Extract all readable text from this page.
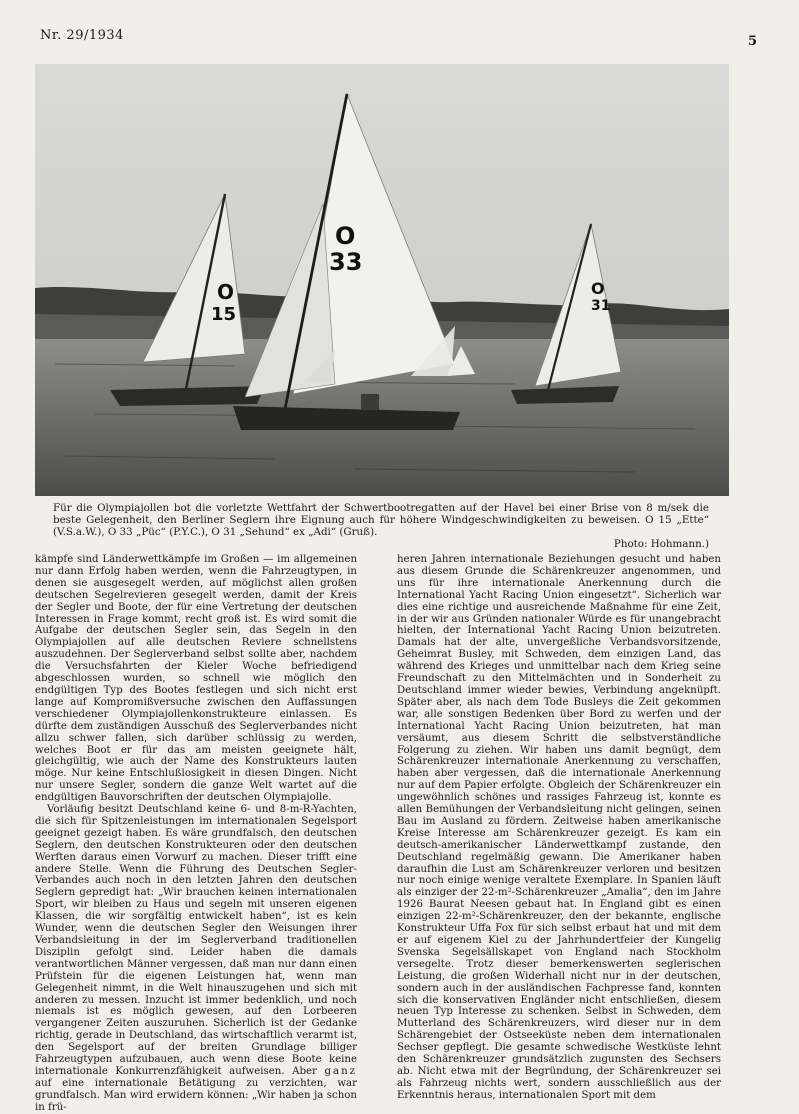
Nr. 29/1934	5
O
15
O
33
O
31
Für die Olympiajollen bot die vorletzte Wettfahrt der Schwertbootregatten auf der Havel bei einer Brise von 8 m/sek die beste Gelegenheit, den Berliner Seglern ihre Eignung auch für höhere Windgeschwindigkeiten zu beweisen. O 15 „Ette“ (V.S.a.W.), O 33 „Püc“ (P.Y.C.), O 31 „Sehund“ ex „Adi“ (Gruß).
Photo: Hohmann.)

kämpfe sind Länderwettkämpfe im Großen — im allgemeinen nur dann Erfolg haben werden, wenn die Fahrzeugtypen, in denen sie ausgesegelt werden, auf möglichst allen großen deutschen Segelrevieren gesegelt werden, damit der Kreis der Segler und Boote, der für eine Vertretung der deutschen Interessen in Frage kommt, recht groß ist. Es wird somit die Aufgabe der deutschen Segler sein, das Segeln in den Olympiajollen auf alle deutschen Reviere schnellstens auszudehnen. Der Seglerverband selbst sollte aber, nachdem die Versuchsfahrten der Kieler Woche befriedigend abgeschlossen wurden, so schnell wie möglich den endgültigen Typ des Bootes festlegen und sich nicht erst lange auf Kompromißversuche zwischen den Auffassungen verschiedener Olympiajollenkonstrukteure einlassen. Es dürfte dem zuständigen Ausschuß des Seglerverbandes nicht allzu schwer fallen, sich darüber schlüssig zu werden, welches Boot er für das am meisten geeignete hält, gleichgültig, wie auch der Name des Konstrukteurs lauten möge. Nur keine Entschlußlosigkeit in diesen Dingen. Nicht nur unsere Segler, sondern die ganze Welt wartet auf die endgültigen Bauvorschriften der deutschen Olympiajolle.

Vorläufig besitzt Deutschland keine 6- und 8-m-R-Yachten, die sich für Spitzenleistungen im internationalen Segelsport geeignet gezeigt haben. Es wäre grundfalsch, den deutschen Seglern, den deutschen Konstrukteuren oder den deutschen Werften daraus einen Vorwurf zu machen. Dieser trifft eine andere Stelle. Wenn die Führung des Deutschen Segler-Verbandes auch noch in den letzten Jahren den deutschen Seglern gepredigt hat: „Wir brauchen keinen internationalen Sport, wir bleiben zu Haus und segeln mit unseren eigenen Klassen, die wir sorgfältig entwickelt haben“, ist es kein Wunder, wenn die deutschen Segler den Weisungen ihrer Verbandsleitung in der im Seglerverband traditionellen Disziplin gefolgt sind. Leider haben die damals verantwortlichen Männer vergessen, daß man nur dann einen Prüfstein für die eigenen Leistungen hat, wenn man Gelegenheit nimmt, in die Welt hinauszugehen und sich mit anderen zu messen. Inzucht ist immer bedenklich, und noch niemals ist es möglich gewesen, auf den Lorbeeren vergangener Zeiten auszuruhen. Sicherlich ist der Gedanke richtig, gerade in Deutschland, das wirtschaftlich verarmt ist, den Segelsport auf der breiten Grundlage billiger Fahrzeugtypen aufzubauen, auch wenn diese Boote keine internationale Konkurrenzfähigkeit aufweisen. Aber ganz auf eine internationale Betätigung zu verzichten, war grundfalsch. Man wird erwidern können: „Wir haben ja schon in frü-

heren Jahren internationale Beziehungen gesucht und haben aus diesem Grunde die Schärenkreuzer angenommen, und uns für ihre internationale Anerkennung durch die International Yacht Racing Union eingesetzt“. Sicherlich war dies eine richtige und ausreichende Maßnahme für eine Zeit, in der wir aus Gründen nationaler Würde es für unangebracht hielten, der International Yacht Racing Union beizutreten. Damals hat der alte, unvergeßliche Verbandsvorsitzende, Geheimrat Busley, mit Schweden, dem einzigen Land, das während des Krieges und unmittelbar nach dem Krieg seine Freundschaft zu den Mittelmächten und in Sonderheit zu Deutschland immer wieder bewies, Verbindung angeknüpft. Später aber, als nach dem Tode Busleys die Zeit gekommen war, alle sonstigen Bedenken über Bord zu werfen und der International Yacht Racing Union beizutreten, hat man versäumt, aus diesem Schritt die selbstverständliche Folgerung zu ziehen. Wir haben uns damit begnügt, dem Schärenkreuzer internationale Anerkennung zu verschaffen, haben aber vergessen, daß die internationale Anerkennung nur auf dem Papier erfolgte. Obgleich der Schärenkreuzer ein ungewöhnlich schönes und rassiges Fahrzeug ist, konnte es allen Bemühungen der Verbandsleitung nicht gelingen, seinen Bau im Ausland zu fördern. Zeitweise haben amerikanische Kreise Interesse am Schärenkreuzer gezeigt. Es kam ein deutsch-amerikanischer Länderwettkampf zustande, den Deutschland regelmäßig gewann. Die Amerikaner haben daraufhin die Lust am Schärenkreuzer verloren und besitzen nur noch einige wenige veraltete Exemplare. In Spanien läuft als einziger der 22-m²-Schärenkreuzer „Amalia“, den im Jahre 1926 Baurat Neesen gebaut hat. In England gibt es einen einzigen 22-m²-Schärenkreuzer, den der bekannte, englische Konstrukteur Uffa Fox für sich selbst erbaut hat und mit dem er auf eigenem Kiel zu der Jahrhundertfeier der Kungelig Svenska Segelsällskapet von England nach Stockholm versegelte. Trotz dieser bemerkenswerten seglerischen Leistung, die großen Widerhall nicht nur in der deutschen, sondern auch in der ausländischen Fachpresse fand, konnten sich die konservativen Engländer nicht entschließen, diesem neuen Typ Interesse zu schenken. Selbst in Schweden, dem Mutterland des Schärenkreuzers, wird dieser nur in dem Schärengebiet der Ostseeküste neben dem internationalen Sechser gepflegt. Die gesamte schwedische Westküste lehnt den Schärenkreuzer grundsätzlich zugunsten des Sechsers ab. Nicht etwa mit der Begründung, der Schärenkreuzer sei als Fahrzeug nichts wert, sondern ausschließlich aus der Erkenntnis heraus, internationalen Sport mit dem
